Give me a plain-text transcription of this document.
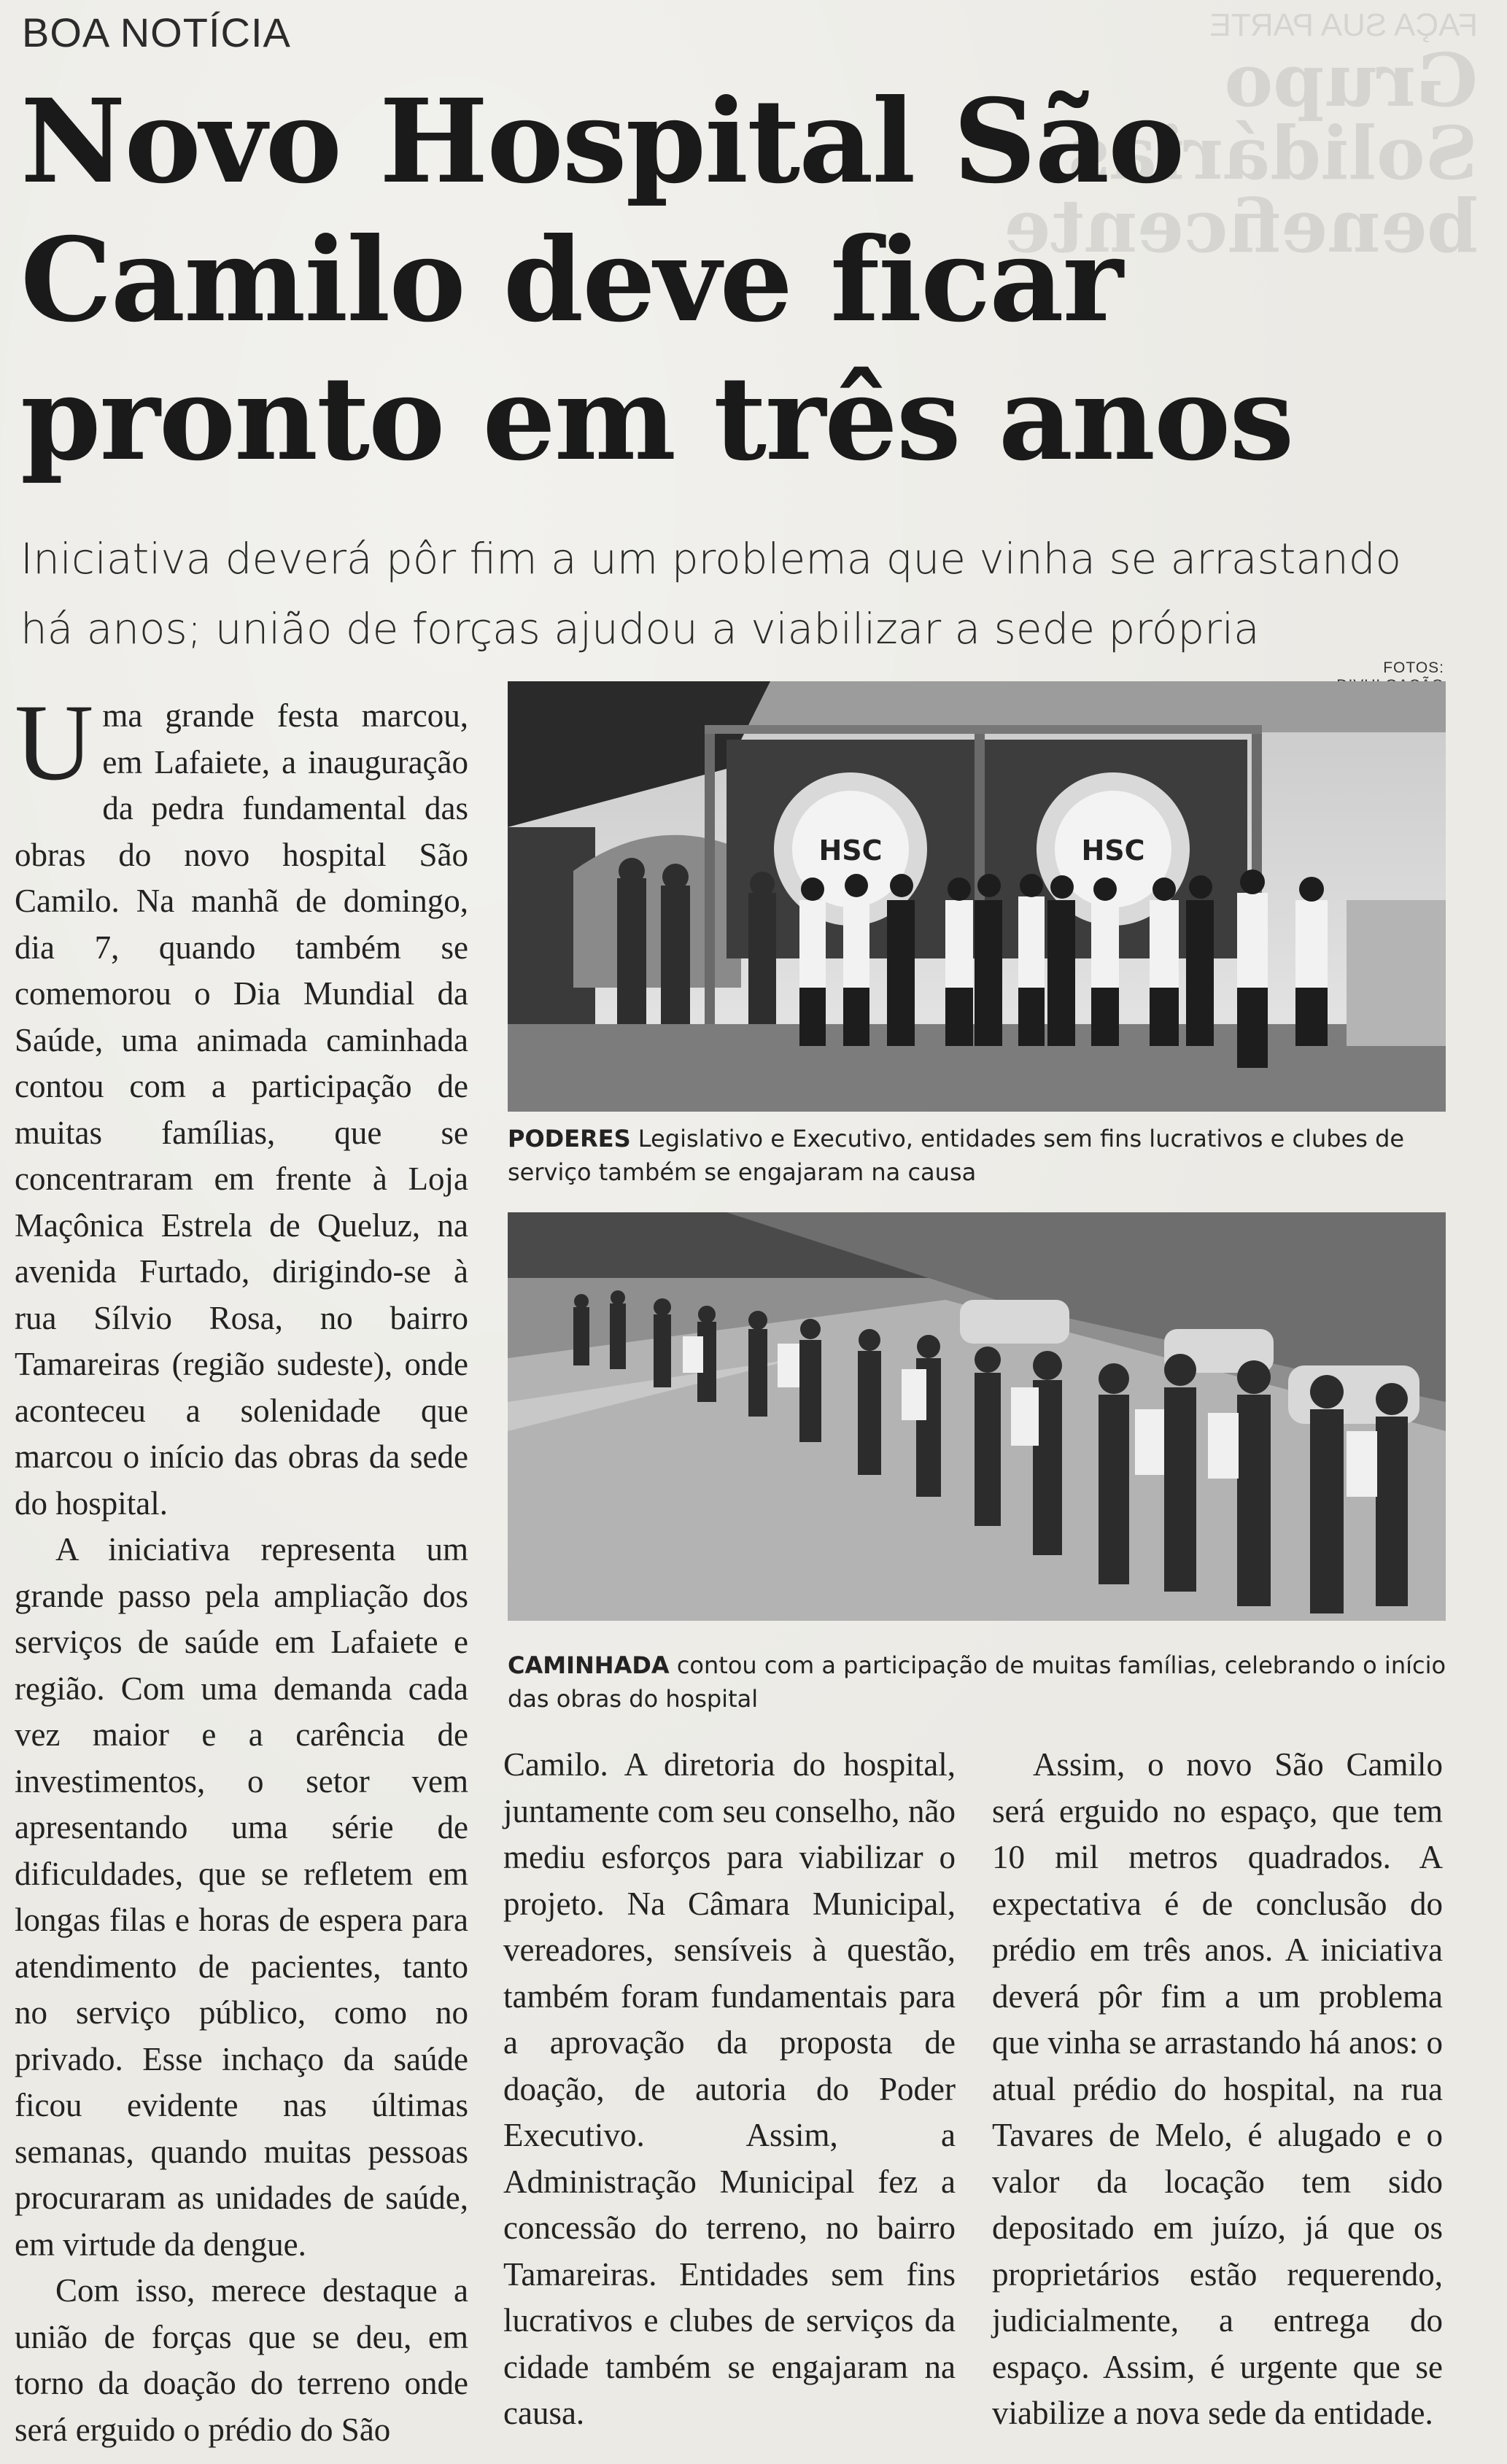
FAÇA SUA PARTE
Grupo
Solidárias
beneficente
BOA NOTÍCIA
Novo Hospital São
Camilo deve ficar
pronto em três anos
Iniciativa deverá pôr fim a um problema que vinha se arrastando há anos; união de forças ajudou a viabilizar a sede própria
FOTOS:

Uma grande festa marcou, em Lafaiete, a inauguração da pedra fundamental das obras do novo hospital São Camilo. Na manhã de domingo, dia 7, quando também se comemorou o Dia Mundial da Saúde, uma animada caminhada contou com a participação de muitas famílias, que se concentraram em frente à Loja Maçônica Estrela de Queluz, na avenida Furtado, dirigindo-se à rua Sílvio Rosa, no bairro Tamareiras (região sudeste), onde aconteceu a solenidade que marcou o início das obras da sede do hospital.

A iniciativa representa um grande passo pela ampliação dos serviços de saúde em Lafaiete e região. Com uma demanda cada vez maior e a carência de investimentos, o setor vem apresentando uma série de dificuldades, que se refletem em longas filas e horas de espera para atendimento de pacientes, tanto no serviço público, como no privado. Esse inchaço da saúde ficou evidente nas últimas semanas, quando muitas pessoas procuraram as unidades de saúde, em virtude da dengue.

Com isso, merece destaque a união de forças que se deu, em torno da doação do terreno onde será erguido o prédio do São

HSC	HSC
PODERES Legislativo e Executivo, entidades sem fins lucrativos e clubes de serviço também se engajaram na causa
CAMINHADA contou com a participação de muitas famílias, celebrando o início das obras do hospital

Camilo. A diretoria do hospital, juntamente com seu conselho, não mediu esforços para viabilizar o projeto. Na Câmara Municipal, vereadores, sensíveis à questão, também foram fundamentais para a aprovação da proposta de doação, de autoria do Poder Executivo. Assim, a Administração Municipal fez a concessão do terreno, no bairro Tamareiras. Entidades sem fins lucrativos e clubes de serviços da cidade também se engajaram na causa.

Assim, o novo São Camilo será erguido no espaço, que tem 10 mil metros quadrados. A expectativa é de conclusão do prédio em três anos. A iniciativa deverá pôr fim a um problema que vinha se arrastando há anos: o atual prédio do hospital, na rua Tavares de Melo, é alugado e o valor da locação tem sido depositado em juízo, já que os proprietários estão requerendo, judicialmente, a entrega do espaço. Assim, é urgente que se viabilize a nova sede da entidade.
